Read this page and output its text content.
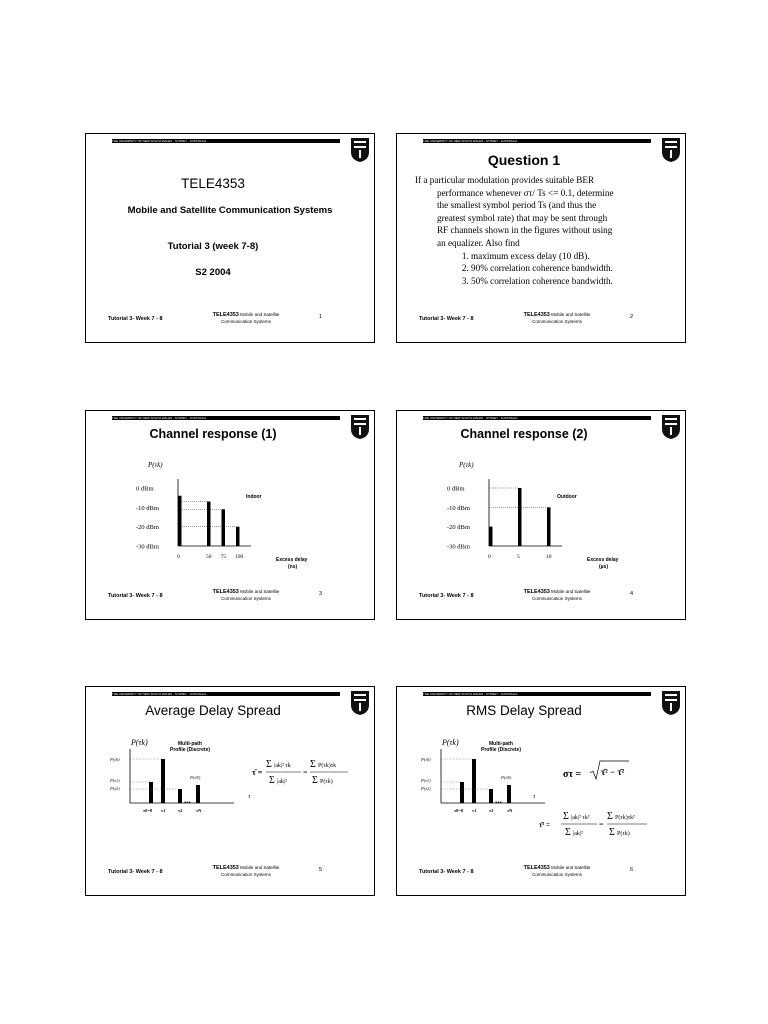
THE UNIVERSITY OF NEW SOUTH WALES · SYDNEY · AUSTRALIA
TELE4353
Mobile and Satellite Communication Systems
Tutorial 3 (week 7-8)
S2 2004
Tutorial 3- Week 7 - 8
TELE4353 Mobile and Satellite
Communication Systems
1
THE UNIVERSITY OF NEW SOUTH WALES · SYDNEY · AUSTRALIA
Question 1
If a particular modulation provides suitable BER
performance whenever στ/ Ts <= 0.1, determine
the smallest symbol period Ts (and thus the
greatest symbol rate) that may be sent through
RF channels shown in the figures without using
an equalizer. Also find
1. maximum excess delay (10 dB).
2. 90% correlation coherence bandwidth.
3. 50% correlation coherence bandwidth.
Tutorial 3- Week 7 - 8
TELE4353 Mobile and Satellite
Communication Systems
2
THE UNIVERSITY OF NEW SOUTH WALES · SYDNEY · AUSTRALIA
Channel response (1)
P(τk)
0 dBm
-10 dBm
-20 dBm
-30 dBm
0	50 75 100
Indoor
Excess delay
(ns)
Tutorial 3- Week 7 - 8
TELE4353 Mobile and Satellite
Communication Systems
3
THE UNIVERSITY OF NEW SOUTH WALES · SYDNEY · AUSTRALIA
Channel response (2)
P(τk)
0 dBm
-10 dBm
-20 dBm
-30 dBm
0	5	10
Outdoor
Excess delay
(µs)
Tutorial 3- Week 7 - 8
TELE4353 Mobile and Satellite
Communication Systems
4
THE UNIVERSITY OF NEW SOUTH WALES · SYDNEY · AUSTRALIA
Average Delay Spread
P(τk)	Multi-path
Profile (Discrete)
P(τ0)
P(τ1)
P(τ2)
P(τN)
...	τ
τ0=0 τ1	τ2	τN
τ̄ =
Σ |ak|² τk
Σ |ak|²
=
Σ P(τk)τk
Σ P(τk)
Tutorial 3- Week 7 - 8
TELE4353 Mobile and Satellite
Communication Systems
5
THE UNIVERSITY OF NEW SOUTH WALES · SYDNEY · AUSTRALIA
RMS Delay Spread
P(τk)	Multi-path
Profile (Discrete)
P(τ0)
P(τ1)
P(τ2)
P(τN)
...	τ
τ0=0 τ1	τ2	τN
στ = τ̄² − τ̄²
τ̄² =
Σ |ak|² τk²
Σ |ak|²
=
Σ P(τk)τk²
Σ P(τk)
Tutorial 3- Week 7 - 8
TELE4353 Mobile and Satellite
Communication Systems
6
